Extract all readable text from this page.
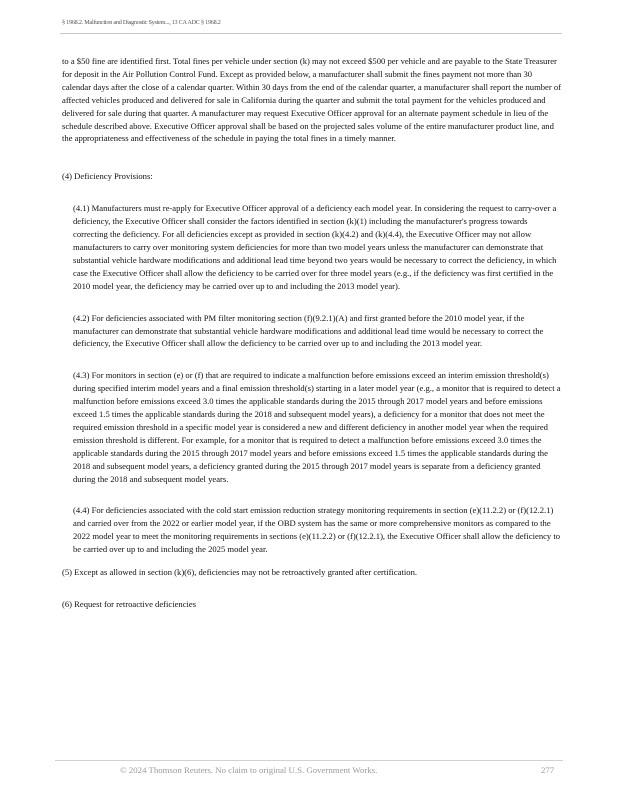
§ 1968.2. Malfunction and Diagnostic System..., 13 CA ADC § 1968.2

to a $50 fine are identified first. Total fines per vehicle under section (k) may not exceed $500 per vehicle and are payable to the State Treasurer for deposit in the Air Pollution Control Fund. Except as provided below, a manufacturer shall submit the fines payment not more than 30 calendar days after the close of a calendar quarter. Within 30 days from the end of the calendar quarter, a manufacturer shall report the number of affected vehicles produced and delivered for sale in California during the quarter and submit the total payment for the vehicles produced and delivered for sale during that quarter. A manufacturer may request Executive Officer approval for an alternate payment schedule in lieu of the schedule described above. Executive Officer approval shall be based on the projected sales volume of the entire manufacturer product line, and the appropriateness and effectiveness of the schedule in paying the total fines in a timely manner.

(4) Deficiency Provisions:

(4.1) Manufacturers must re-apply for Executive Officer approval of a deficiency each model year. In considering the request to carry-over a deficiency, the Executive Officer shall consider the factors identified in section (k)(1) including the manufacturer's progress towards correcting the deficiency. For all deficiencies except as provided in section (k)(4.2) and (k)(4.4), the Executive Officer may not allow manufacturers to carry over monitoring system deficiencies for more than two model years unless the manufacturer can demonstrate that substantial vehicle hardware modifications and additional lead time beyond two years would be necessary to correct the deficiency, in which case the Executive Officer shall allow the deficiency to be carried over for three model years (e.g., if the deficiency was first certified in the 2010 model year, the deficiency may be carried over up to and including the 2013 model year).

(4.2) For deficiencies associated with PM filter monitoring section (f)(9.2.1)(A) and first granted before the 2010 model year, if the manufacturer can demonstrate that substantial vehicle hardware modifications and additional lead time would be necessary to correct the deficiency, the Executive Officer shall allow the deficiency to be carried over up to and including the 2013 model year.

(4.3) For monitors in section (e) or (f) that are required to indicate a malfunction before emissions exceed an interim emission threshold(s) during specified interim model years and a final emission threshold(s) starting in a later model year (e.g., a monitor that is required to detect a malfunction before emissions exceed 3.0 times the applicable standards during the 2015 through 2017 model years and before emissions exceed 1.5 times the applicable standards during the 2018 and subsequent model years), a deficiency for a monitor that does not meet the required emission threshold in a specific model year is considered a new and different deficiency in another model year when the required emission threshold is different. For example, for a monitor that is required to detect a malfunction before emissions exceed 3.0 times the applicable standards during the 2015 through 2017 model years and before emissions exceed 1.5 times the applicable standards during the 2018 and subsequent model years, a deficiency granted during the 2015 through 2017 model years is separate from a deficiency granted during the 2018 and subsequent model years.

(4.4) For deficiencies associated with the cold start emission reduction strategy monitoring requirements in section (e)(11.2.2) or (f)(12.2.1) and carried over from the 2022 or earlier model year, if the OBD system has the same or more comprehensive monitors as compared to the 2022 model year to meet the monitoring requirements in sections (e)(11.2.2) or (f)(12.2.1), the Executive Officer shall allow the deficiency to be carried over up to and including the 2025 model year.

(5) Except as allowed in section (k)(6), deficiencies may not be retroactively granted after certification.

(6) Request for retroactive deficiencies

© 2024 Thomson Reuters. No claim to original U.S. Government Works.	277
